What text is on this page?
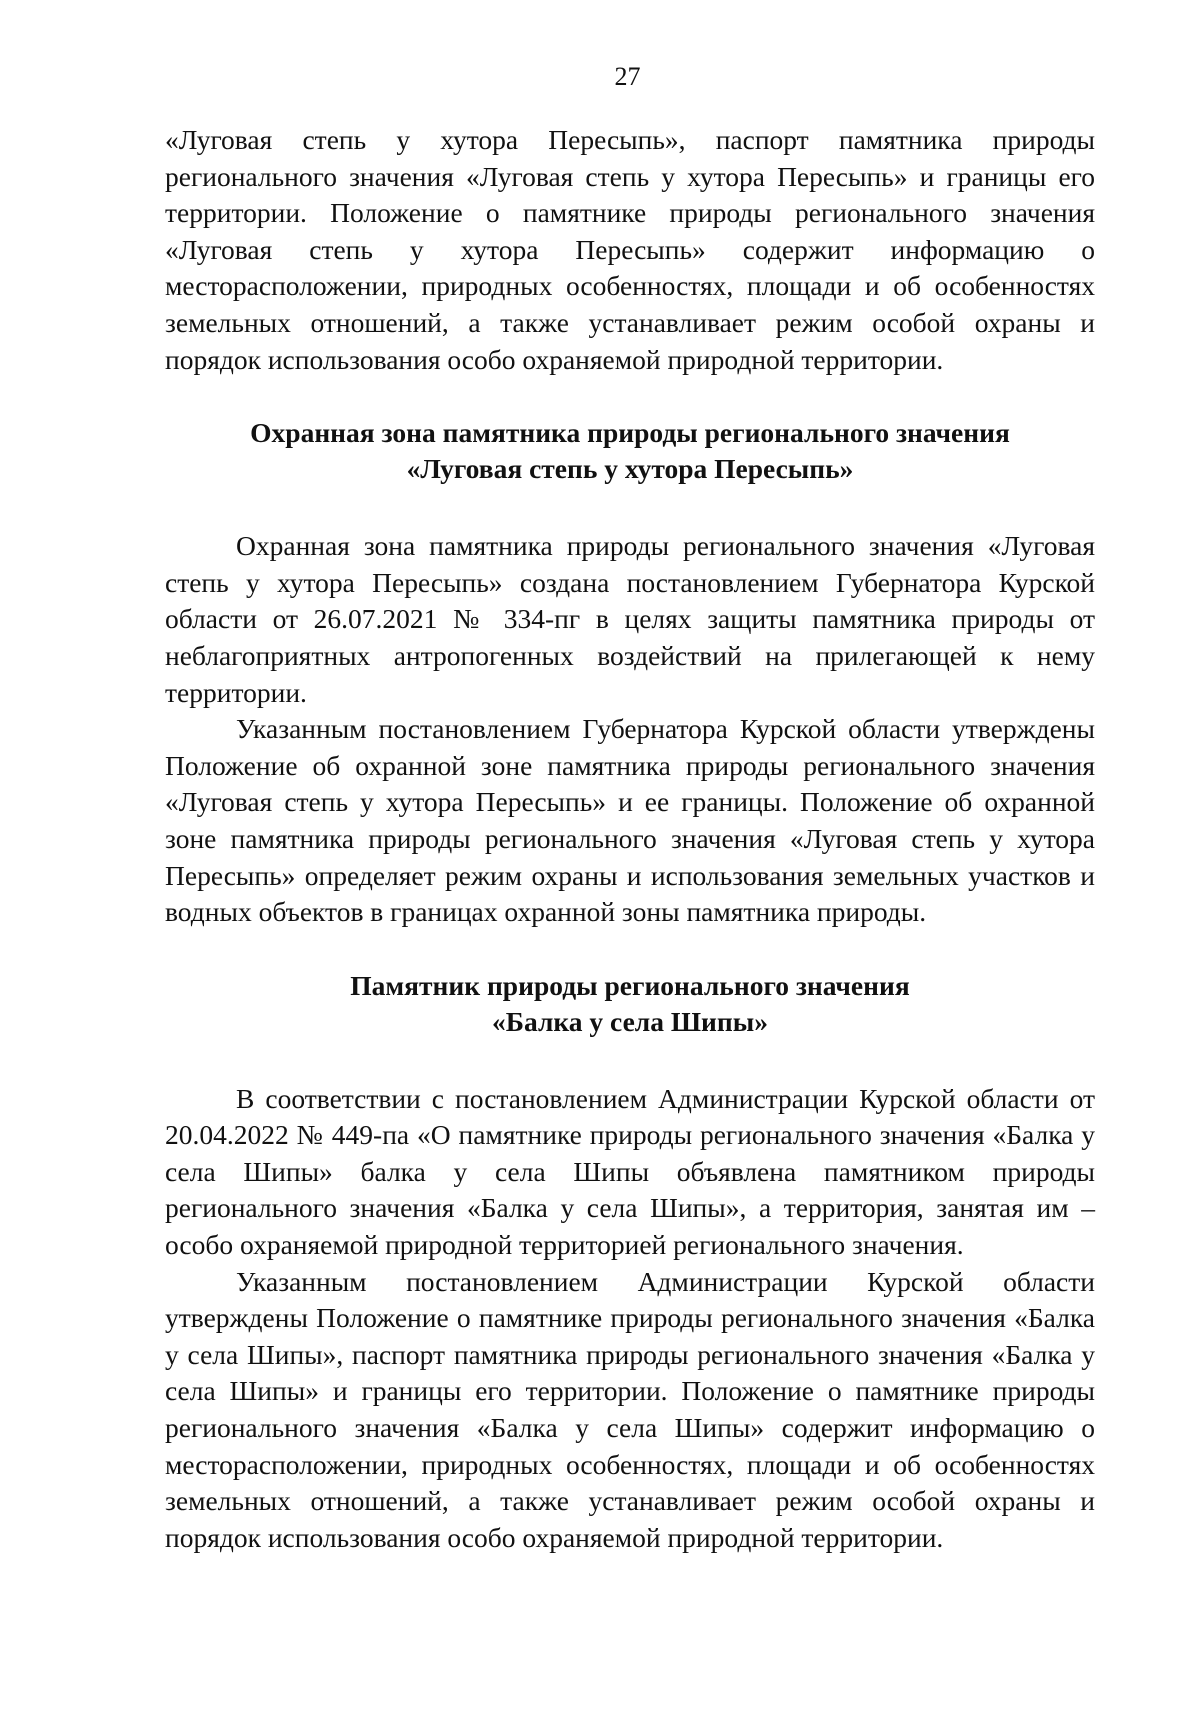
27

«Луговая степь у хутора Пересыпь», паспорт памятника природы регионального значения «Луговая степь у хутора Пересыпь» и границы его территории. Положение о памятнике природы регионального значения «Луговая степь у хутора Пересыпь» содержит информацию о месторасположении, природных особенностях, площади и об особенностях земельных отношений, а также устанавливает режим особой охраны и порядок использования особо охраняемой природной территории.

Охранная зона памятника природы регионального значения
«Луговая степь у хутора Пересыпь»

Охранная зона памятника природы регионального значения «Луговая степь у хутора Пересыпь» создана постановлением Губернатора Курской области от 26.07.2021 № 334-пг в целях защиты памятника природы от неблагоприятных антропогенных воздействий на прилегающей к нему территории.

Указанным постановлением Губернатора Курской области утверждены Положение об охранной зоне памятника природы регионального значения «Луговая степь у хутора Пересыпь» и ее границы. Положение об охранной зоне памятника природы регионального значения «Луговая степь у хутора Пересыпь» определяет режим охраны и использования земельных участков и водных объектов в границах охранной зоны памятника природы.

Памятник природы регионального значения
«Балка у села Шипы»

В соответствии с постановлением Администрации Курской области от 20.04.2022 № 449-па «О памятнике природы регионального значения «Балка у села Шипы» балка у села Шипы объявлена памятником природы регионального значения «Балка у села Шипы», а территория, занятая им – особо охраняемой природной территорией регионального значения.

Указанным постановлением Администрации Курской области утверждены Положение о памятнике природы регионального значения «Балка у села Шипы», паспорт памятника природы регионального значения «Балка у села Шипы» и границы его территории. Положение о памятнике природы регионального значения «Балка у села Шипы» содержит информацию о месторасположении, природных особенностях, площади и об особенностях земельных отношений, а также устанавливает режим особой охраны и порядок использования особо охраняемой природной территории.
